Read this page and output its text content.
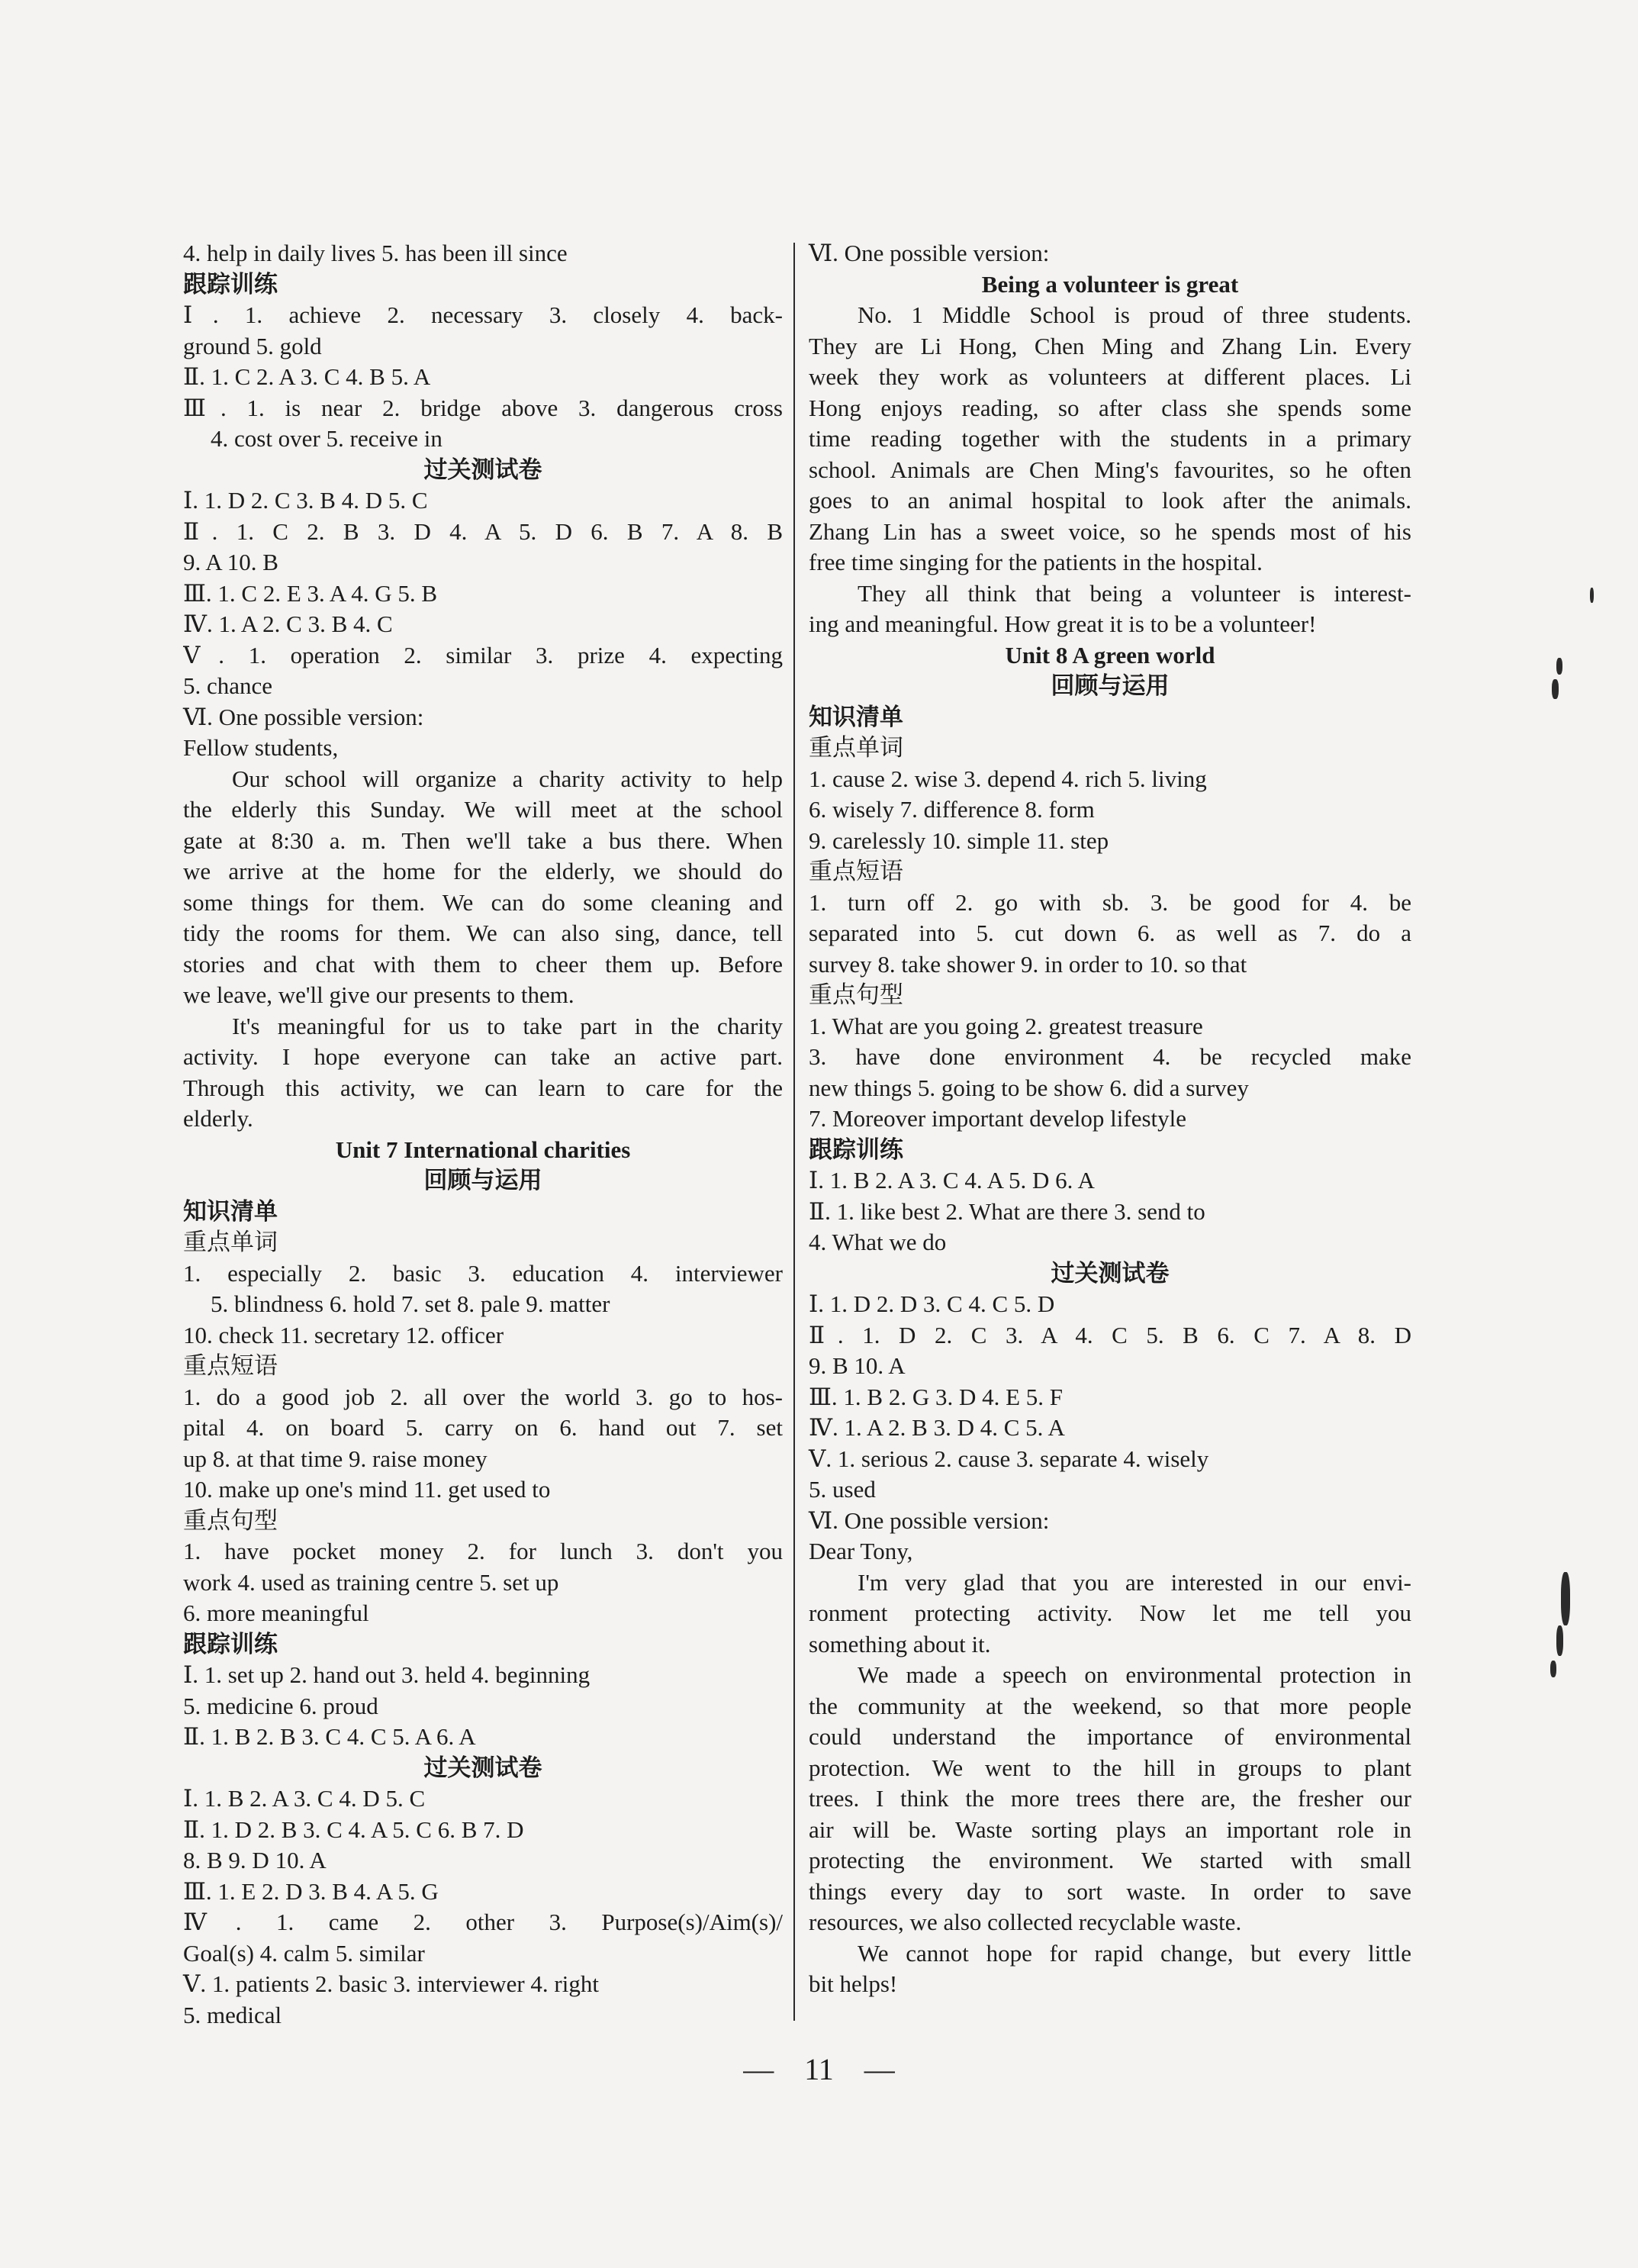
4. help in daily lives 5. has been ill since
跟踪训练
Ⅰ. 1. achieve 2. necessary 3. closely 4. back-
ground 5. gold
Ⅱ. 1. C 2. A 3. C 4. B 5. A
Ⅲ. 1. is near 2. bridge above 3. dangerous cross
4. cost over 5. receive in
过关测试卷
Ⅰ. 1. D 2. C 3. B 4. D 5. C
Ⅱ. 1. C 2. B 3. D 4. A 5. D 6. B 7. A 8. B
9. A 10. B
Ⅲ. 1. C 2. E 3. A 4. G 5. B
Ⅳ. 1. A 2. C 3. B 4. C
Ⅴ. 1. operation 2. similar 3. prize 4. expecting
5. chance
Ⅵ. One possible version:
Fellow students,
Our school will organize a charity activity to help
the elderly this Sunday. We will meet at the school
gate at 8:30 a. m. Then we'll take a bus there. When
we arrive at the home for the elderly, we should do
some things for them. We can do some cleaning and
tidy the rooms for them. We can also sing, dance, tell
stories and chat with them to cheer them up. Before
we leave, we'll give our presents to them.
It's meaningful for us to take part in the charity
activity. I hope everyone can take an active part.
Through this activity, we can learn to care for the
elderly.
Unit 7 International charities
回顾与运用
知识清单
重点单词
1. especially 2. basic 3. education 4. interviewer
5. blindness 6. hold 7. set 8. pale 9. matter
10. check 11. secretary 12. officer
重点短语
1. do a good job 2. all over the world 3. go to hos-
pital 4. on board 5. carry on 6. hand out 7. set
up 8. at that time 9. raise money
10. make up one's mind 11. get used to
重点句型
1. have pocket money 2. for lunch 3. don't you
work 4. used as training centre 5. set up
6. more meaningful
跟踪训练
Ⅰ. 1. set up 2. hand out 3. held 4. beginning
5. medicine 6. proud
Ⅱ. 1. B 2. B 3. C 4. C 5. A 6. A
过关测试卷
Ⅰ. 1. B 2. A 3. C 4. D 5. C
Ⅱ. 1. D 2. B 3. C 4. A 5. C 6. B 7. D
8. B 9. D 10. A
Ⅲ. 1. E 2. D 3. B 4. A 5. G
Ⅳ. 1. came 2. other 3. Purpose(s)/Aim(s)/
Goal(s) 4. calm 5. similar
Ⅴ. 1. patients 2. basic 3. interviewer 4. right
5. medical
Ⅵ. One possible version:
Being a volunteer is great
No. 1 Middle School is proud of three students.
They are Li Hong, Chen Ming and Zhang Lin. Every
week they work as volunteers at different places. Li
Hong enjoys reading, so after class she spends some
time reading together with the students in a primary
school. Animals are Chen Ming's favourites, so he often
goes to an animal hospital to look after the animals.
Zhang Lin has a sweet voice, so he spends most of his
free time singing for the patients in the hospital.
They all think that being a volunteer is interest-
ing and meaningful. How great it is to be a volunteer!
Unit 8 A green world
回顾与运用
知识清单
重点单词
1. cause 2. wise 3. depend 4. rich 5. living
6. wisely 7. difference 8. form
9. carelessly 10. simple 11. step
重点短语
1. turn off 2. go with sb. 3. be good for 4. be
separated into 5. cut down 6. as well as 7. do a
survey 8. take shower 9. in order to 10. so that
重点句型
1. What are you going 2. greatest treasure
3. have done environment 4. be recycled make
new things 5. going to be show 6. did a survey
7. Moreover important develop lifestyle
跟踪训练
Ⅰ. 1. B 2. A 3. C 4. A 5. D 6. A
Ⅱ. 1. like best 2. What are there 3. send to
4. What we do
过关测试卷
Ⅰ. 1. D 2. D 3. C 4. C 5. D
Ⅱ. 1. D 2. C 3. A 4. C 5. B 6. C 7. A 8. D
9. B 10. A
Ⅲ. 1. B 2. G 3. D 4. E 5. F
Ⅳ. 1. A 2. B 3. D 4. C 5. A
Ⅴ. 1. serious 2. cause 3. separate 4. wisely
5. used
Ⅵ. One possible version:
Dear Tony,
I'm very glad that you are interested in our envi-
ronment protecting activity. Now let me tell you
something about it.
We made a speech on environmental protection in
the community at the weekend, so that more people
could understand the importance of environmental
protection. We went to the hill in groups to plant
trees. I think the more trees there are, the fresher our
air will be. Waste sorting plays an important role in
protecting the environment. We started with small
things every day to sort waste. In order to save
resources, we also collected recyclable waste.
We cannot hope for rapid change, but every little
bit helps!
— 11 —
